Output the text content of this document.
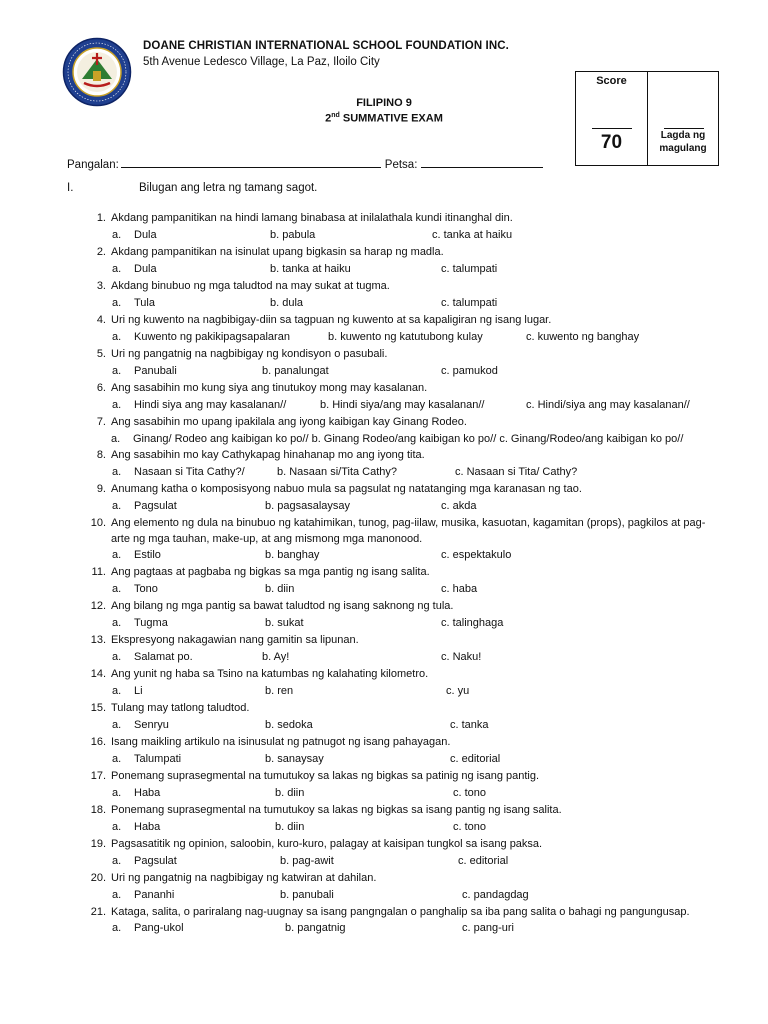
DOANE CHRISTIAN INTERNATIONAL SCHOOL FOUNDATION INC.
5th Avenue Ledesco Village, La Paz, Iloilo City
FILIPINO 9
2nd SUMMATIVE EXAM
Score
70	Lagda ng
magulang
Pangalan:	Petsa:
I.	Bilugan ang letra ng tamang sagot.
1. Akdang pampanitikan na hindi lamang binabasa at inilalathala kundi itinanghal din.
a. Dula	b. pabula	c. tanka at haiku
2. Akdang pampanitikan na isinulat upang bigkasin sa harap ng madla.
a. Dula	b. tanka at haiku	c. talumpati
3. Akdang binubuo ng mga taludtod na may sukat at tugma.
a. Tula	b. dula	c. talumpati
4. Uri ng kuwento na nagbibigay-diin sa tagpuan ng kuwento at sa kapaligiran ng isang lugar.
a. Kuwento ng pakikipagsapalaran	b. kuwento ng katutubong kulay	c. kuwento ng banghay
5. Uri ng pangatnig na nagbibigay ng kondisyon o pasubali.
a. Panubali	b. panalungat	c. pamukod
6. Ang sasabihin mo kung siya ang tinutukoy mong may kasalanan.
a. Hindi siya ang may kasalanan//	b. Hindi siya/ang may kasalanan//	c. Hindi/siya ang may kasalanan//
7. Ang sasabihin mo upang ipakilala ang iyong kaibigan kay Ginang Rodeo.
a. Ginang/ Rodeo ang kaibigan ko po// b. Ginang Rodeo/ang kaibigan ko po// c. Ginang/Rodeo/ang kaibigan ko po//
8. Ang sasabihin mo kay Cathykapag hinahanap mo ang iyong tita.
a. Nasaan si Tita Cathy?/	b. Nasaan si/Tita Cathy?	c. Nasaan si Tita/ Cathy?
9. Anumang katha o komposisyong nabuo mula sa pagsulat ng natatanging mga karanasan ng tao.
a. Pagsulat	b. pagsasalaysay	c. akda
10. Ang elemento ng dula na binubuo ng katahimikan, tunog, pag-iilaw, musika, kasuotan, kagamitan (props), pagkilos at pag-arte ng mga tauhan, make-up, at ang mismong mga manonood.
a. Estilo	b. banghay	c. espektakulo
11. Ang pagtaas at pagbaba ng bigkas sa mga pantig ng isang salita.
a. Tono	b. diin	c. haba
12. Ang bilang ng mga pantig sa bawat taludtod ng isang saknong ng tula.
a. Tugma	b. sukat	c. talinghaga
13. Ekspresyong nakagawian nang gamitin sa lipunan.
a. Salamat po.	b. Ay!	c. Naku!
14. Ang yunit ng haba sa Tsino na katumbas ng kalahating kilometro.
a. Li	b. ren	c. yu
15. Tulang may tatlong taludtod.
a. Senryu	b. sedoka	c. tanka
16. Isang maikling artikulo na isinusulat ng patnugot ng isang pahayagan.
a. Talumpati	b. sanaysay	c. editorial
17. Ponemang suprasegmental na tumutukoy sa lakas ng bigkas sa patinig ng isang pantig.
a. Haba	b. diin	c. tono
18. Ponemang suprasegmental na tumutukoy sa lakas ng bigkas sa isang pantig ng isang salita.
a. Haba	b. diin	c. tono
19. Pagsasatitik ng opinion, saloobin, kuro-kuro, palagay at kaisipan tungkol sa isang paksa.
a. Pagsulat	b. pag-awit	c. editorial
20. Uri ng pangatnig na nagbibigay ng katwiran at dahilan.
a. Pananhi	b. panubali	c. pandagdag
21. Kataga, salita, o pariralang nag-uugnay sa isang pangngalan o panghalip sa iba pang salita o bahagi ng pangungusap.
a. Pang-ukol	b. pangatnig	c. pang-uri
